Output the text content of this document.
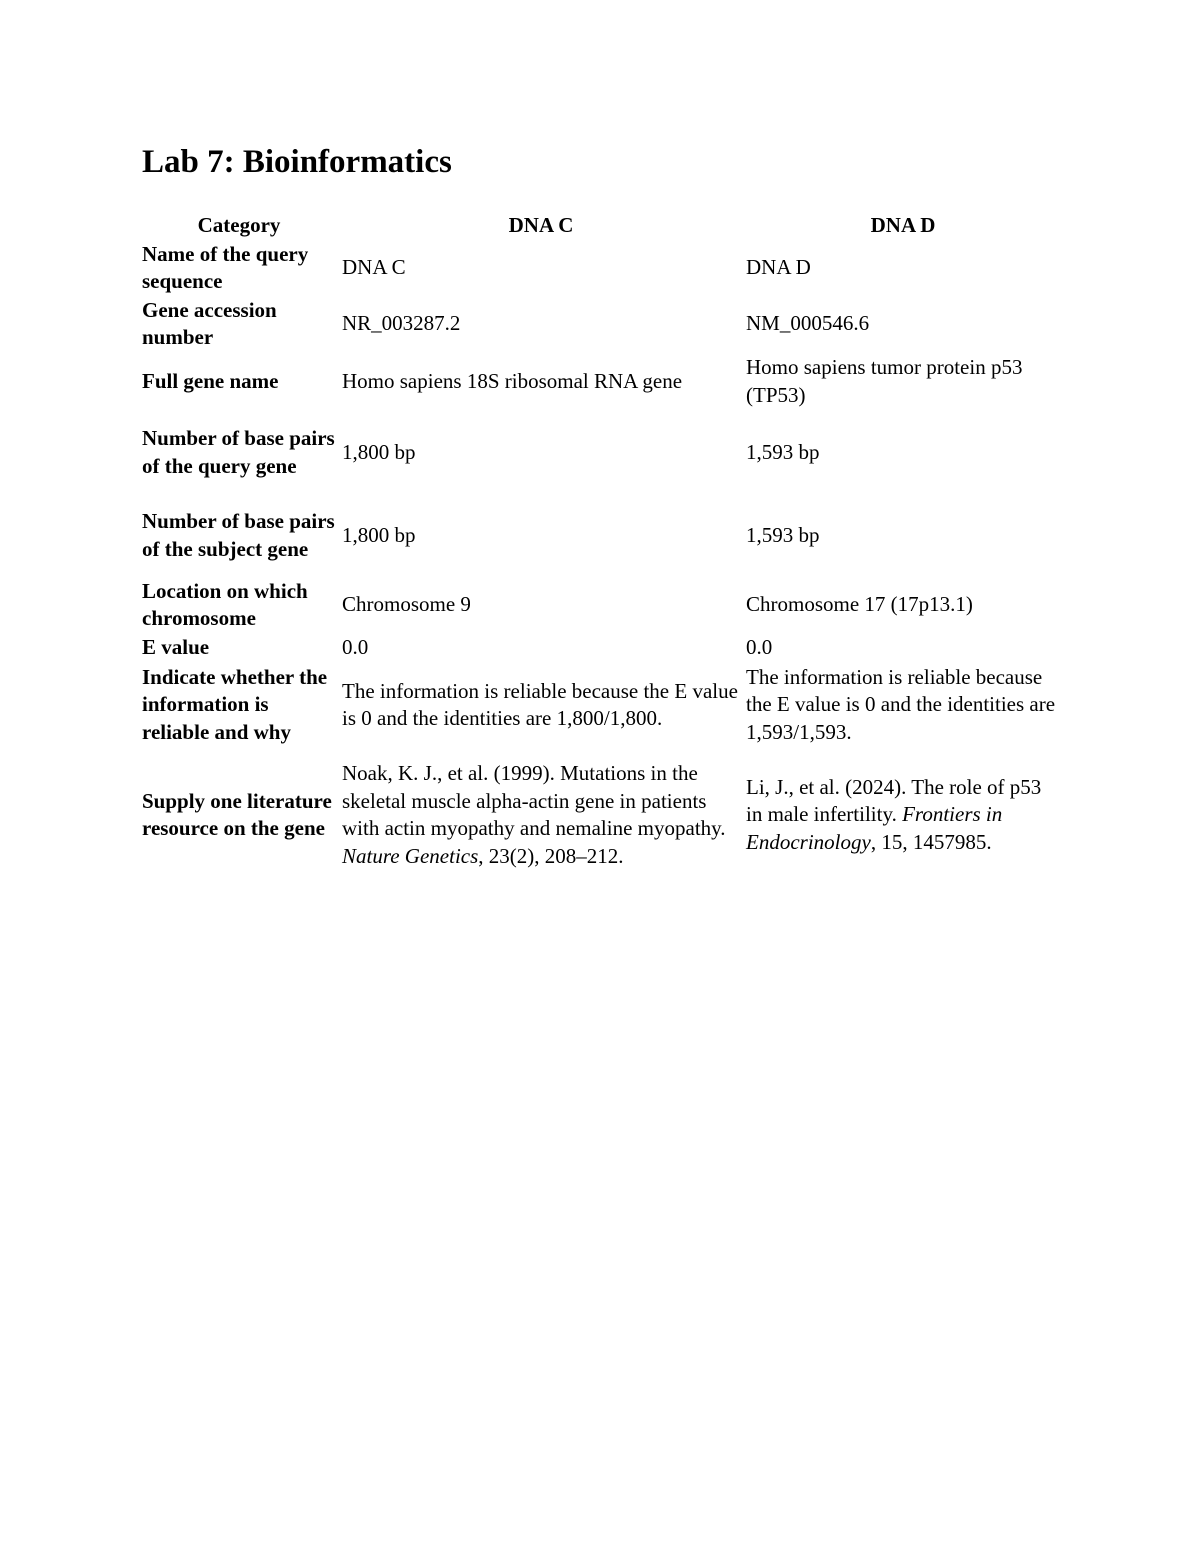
Lab 7: Bioinformatics
Category	DNA C	DNA D
Name of the query sequence	DNA C	DNA D
Gene accession number	NR_003287.2	NM_000546.6
Full gene name	Homo sapiens 18S ribosomal RNA gene	Homo sapiens tumor protein p53 (TP53)
Number of base pairs of the query gene	1,800 bp	1,593 bp
Number of base pairs of the subject gene	1,800 bp	1,593 bp
Location on which chromosome	Chromosome 9	Chromosome 17 (17p13.1)
E value	0.0	0.0
Indicate whether the information is reliable and why	The information is reliable because the E value is 0 and the identities are 1,800/1,800.	The information is reliable because the E value is 0 and the identities are 1,593/1,593.
Supply one literature resource on the gene	Noak, K. J., et al. (1999). Mutations in the skeletal muscle alpha-actin gene in patients with actin myopathy and nemaline myopathy. Nature Genetics, 23(2), 208–212.	Li, J., et al. (2024). The role of p53 in male infertility. Frontiers in Endocrinology, 15, 1457985.
